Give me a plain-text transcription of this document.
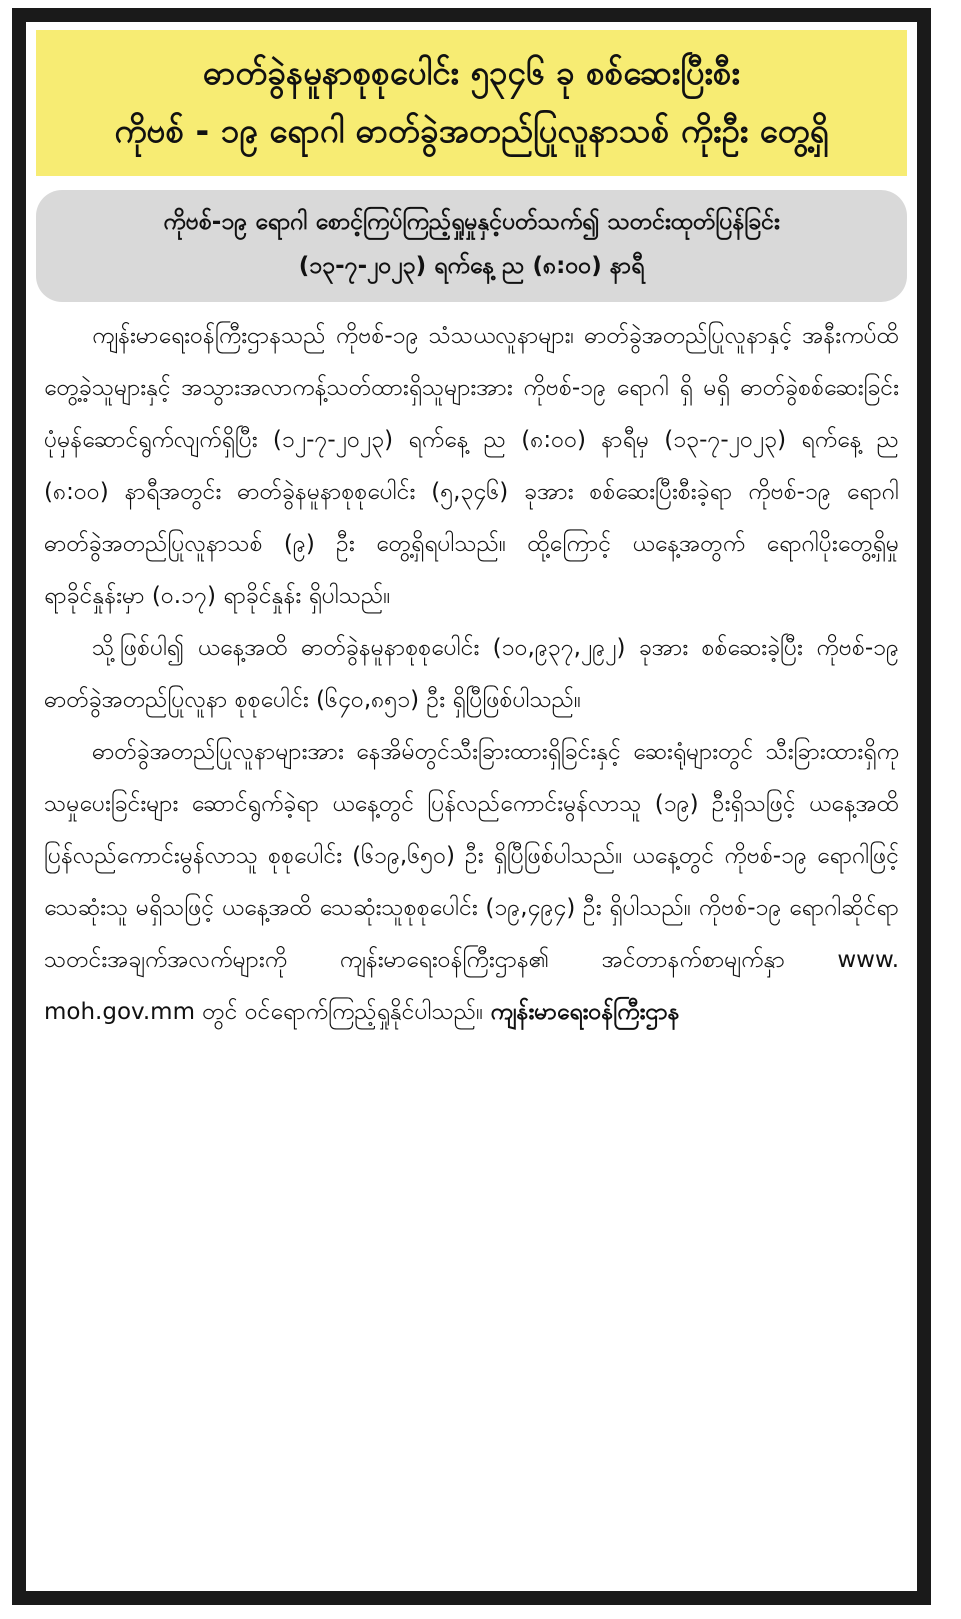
ဓာတ်ခွဲနမူနာစုစုပေါင်း ၅၃၄၆ ခု စစ်ဆေးပြီးစီး
ကိုဗစ် - ၁၉ ရောဂါ ဓာတ်ခွဲအတည်ပြုလူနာသစ် ကိုးဦး တွေ့ရှိ
ကိုဗစ်-၁၉ ရောဂါ စောင့်ကြပ်ကြည့်ရှုမှုနှင့်ပတ်သက်၍ သတင်းထုတ်ပြန်ခြင်း
(၁၃-၇-၂၀၂၃) ရက်နေ့ ည (၈:၀၀) နာရီ

ကျန်းမာရေးဝန်ကြီးဌာနသည် ကိုဗစ်-၁၉ သံသယလူနာများ၊ ဓာတ်ခွဲအတည်ပြုလူနာနှင့် အနီးကပ်ထိတွေ့ခဲ့သူများနှင့် အသွားအလာကန့်သတ်ထားရှိသူများအား ကိုဗစ်-၁၉ ရောဂါ ရှိ မရှိ ဓာတ်ခွဲစစ်ဆေးခြင်း ပုံမှန်ဆောင်ရွက်လျက်ရှိပြီး (၁၂-၇-၂၀၂၃) ရက်နေ့ ည (၈:၀၀) နာရီမှ (၁၃-၇-၂၀၂၃) ရက်နေ့ ည (၈:၀၀) နာရီအတွင်း ဓာတ်ခွဲနမူနာစုစုပေါင်း (၅,၃၄၆) ခုအား စစ်ဆေးပြီးစီးခဲ့ရာ ကိုဗစ်-၁၉ ရောဂါ ဓာတ်ခွဲအတည်ပြုလူနာသစ် (၉) ဦး တွေ့ရှိရပါသည်။ ထို့ကြောင့် ယနေ့အတွက် ရောဂါပိုးတွေ့ရှိမှု ရာခိုင်နှုန်းမှာ (၀.၁၇) ရာခိုင်နှုန်း ရှိပါသည်။

သို့ဖြစ်ပါ၍ ယနေ့အထိ ဓာတ်ခွဲနမူနာစုစုပေါင်း (၁၀,၉၃၇,၂၉၂) ခုအား စစ်ဆေးခဲ့ပြီး ကိုဗစ်-၁၉ ဓာတ်ခွဲအတည်ပြုလူနာ စုစုပေါင်း (၆၄၀,၈၅၁) ဦး ရှိပြီဖြစ်ပါသည်။

ဓာတ်ခွဲအတည်ပြုလူနာများအား နေအိမ်တွင်သီးခြားထားရှိခြင်းနှင့် ဆေးရုံများတွင် သီးခြားထားရှိကုသမှုပေးခြင်းများ ဆောင်ရွက်ခဲ့ရာ ယနေ့တွင် ပြန်လည်ကောင်းမွန်လာသူ (၁၉) ဦးရှိသဖြင့် ယနေ့အထိ ပြန်လည်ကောင်းမွန်လာသူ စုစုပေါင်း (၆၁၉,၆၅၀) ဦး ရှိပြီဖြစ်ပါသည်။ ယနေ့တွင် ကိုဗစ်-၁၉ ရောဂါဖြင့် သေဆုံးသူ မရှိသဖြင့် ယနေ့အထိ သေဆုံးသူစုစုပေါင်း (၁၉,၄၉၄) ဦး ရှိပါသည်။ ကိုဗစ်-၁၉ ရောဂါဆိုင်ရာ သတင်းအချက်အလက်များကို ကျန်းမာရေးဝန်ကြီးဌာန၏ အင်တာနက်စာမျက်နှာ www. moh.gov.mm တွင် ဝင်ရောက်ကြည့်ရှုနိုင်ပါသည်။ ကျန်းမာရေးဝန်ကြီးဌာန
